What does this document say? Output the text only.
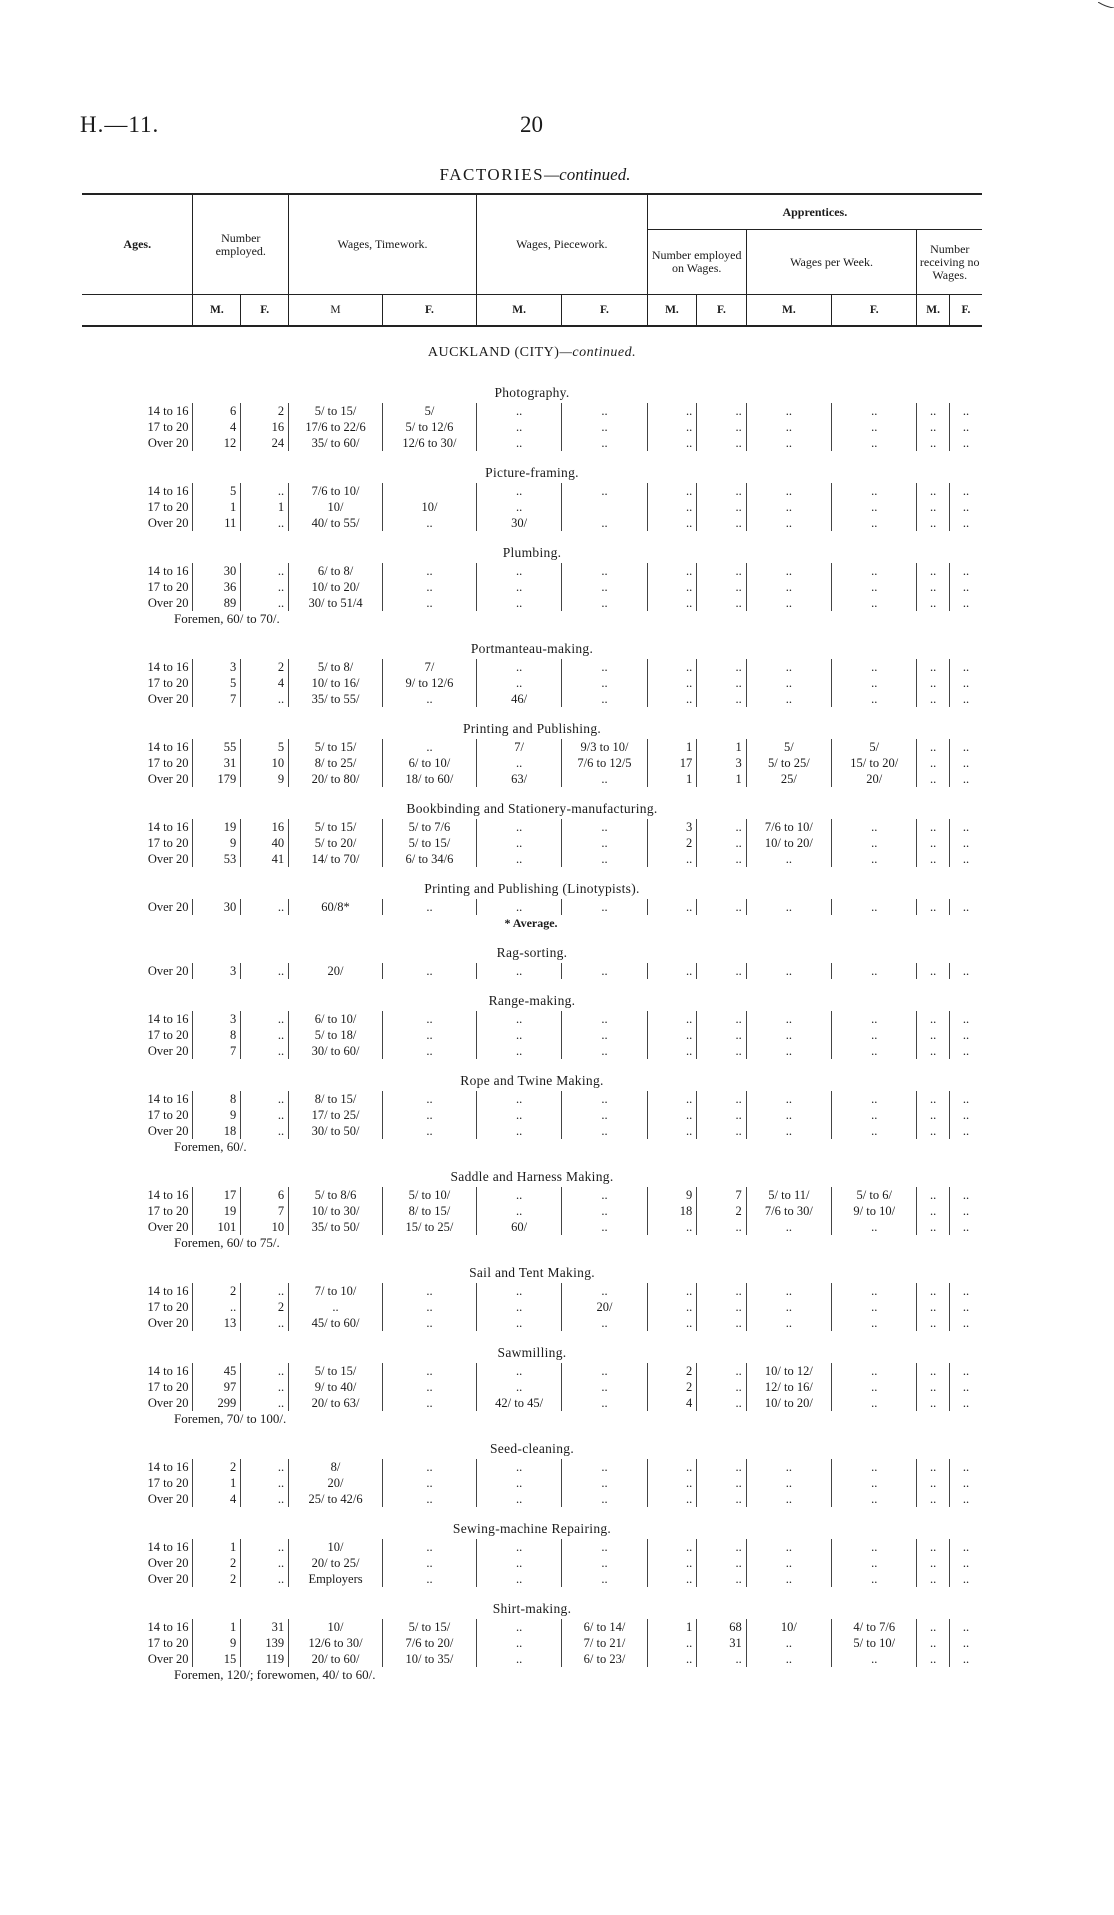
H.—11.	20
FACTORIES—continued.
Ages.	Number employed.		Wages, Timework.		Wages, Piecework.		Apprentices.					
							Number employed on Wages.		Wages per Week.		Number receiving no Wages.	
	M.	F.	M	F.	M.	F.	M.	F.	M.	F.	M.	F.
AUCKLAND (CITY)—continued.												
Photography.												
14 to 16	6	2	5/ to 15/	5/	..	..	..	..	..	..	..	..
17 to 20	4	16	17/6 to 22/6	5/ to 12/6	..	..	..	..	..	..	..	..
Over 20	12	24	35/ to 60/	12/6 to 30/	..	..	..	..	..	..	..	..
Picture-framing.												
14 to 16	5	..	7/6 to 10/		..	..	..	..	..	..	..	..
17 to 20	1	1	10/	10/	..		..	..	..	..	..	..
Over 20	11	..	40/ to 55/	..	30/	..	..	..	..	..	..	..
Plumbing.												
14 to 16	30	..	6/ to 8/	..	..	..	..	..	..	..	..	..
17 to 20	36	..	10/ to 20/	..	..	..	..	..	..	..	..	..
Over 20	89	..	30/ to 51/4	..	..	..	..	..	..	..	..	..
Foremen, 60/ to 70/.												
Portmanteau-making.												
14 to 16	3	2	5/ to 8/	7/	..	..	..	..	..	..	..	..
17 to 20	5	4	10/ to 16/	9/ to 12/6	..	..	..	..	..	..	..	..
Over 20	7	..	35/ to 55/	..	46/	..	..	..	..	..	..	..
Printing and Publishing.												
14 to 16	55	5	5/ to 15/	..	7/	9/3 to 10/	1	1	5/	5/	..	..
17 to 20	31	10	8/ to 25/	6/ to 10/	..	7/6 to 12/5	17	3	5/ to 25/	15/ to 20/	..	..
Over 20	179	9	20/ to 80/	18/ to 60/	63/	..	1	1	25/	20/	..	..
Bookbinding and Stationery-manufacturing.												
14 to 16	19	16	5/ to 15/	5/ to 7/6	..	..	3	..	7/6 to 10/	..	..	..
17 to 20	9	40	5/ to 20/	5/ to 15/	..	..	2	..	10/ to 20/	..	..	..
Over 20	53	41	14/ to 70/	6/ to 34/6	..	..	..	..	..	..	..	..
Printing and Publishing (Linotypists).												
Over 20	30	..	60/8*	..	..	..	..	..	..	..	..	..
* Average.												
Rag-sorting.												
Over 20	3	..	20/	..	..	..	..	..	..	..	..	..
Range-making.												
14 to 16	3	..	6/ to 10/	..	..	..	..	..	..	..	..	..
17 to 20	8	..	5/ to 18/	..	..	..	..	..	..	..	..	..
Over 20	7	..	30/ to 60/	..	..	..	..	..	..	..	..	..
Rope and Twine Making.												
14 to 16	8	..	8/ to 15/	..	..	..	..	..	..	..	..	..
17 to 20	9	..	17/ to 25/	..	..	..	..	..	..	..	..	..
Over 20	18	..	30/ to 50/	..	..	..	..	..	..	..	..	..
Foremen, 60/.												
Saddle and Harness Making.												
14 to 16	17	6	5/ to 8/6	5/ to 10/	..	..	9	7	5/ to 11/	5/ to 6/	..	..
17 to 20	19	7	10/ to 30/	8/ to 15/	..	..	18	2	7/6 to 30/	9/ to 10/	..	..
Over 20	101	10	35/ to 50/	15/ to 25/	60/	..	..	..	..	..	..	..
Foremen, 60/ to 75/.												
Sail and Tent Making.												
14 to 16	2	..	7/ to 10/	..	..	..	..	..	..	..	..	..
17 to 20	..	2	..	..	..	20/	..	..	..	..	..	..
Over 20	13	..	45/ to 60/	..	..	..	..	..	..	..	..	..
Sawmilling.												
14 to 16	45	..	5/ to 15/	..	..	..	2	..	10/ to 12/	..	..	..
17 to 20	97	..	9/ to 40/	..	..	..	2	..	12/ to 16/	..	..	..
Over 20	299	..	20/ to 63/	..	42/ to 45/	..	4	..	10/ to 20/	..	..	..
Foremen, 70/ to 100/.												
Seed-cleaning.												
14 to 16	2	..	8/	..	..	..	..	..	..	..	..	..
17 to 20	1	..	20/	..	..	..	..	..	..	..	..	..
Over 20	4	..	25/ to 42/6	..	..	..	..	..	..	..	..	..
Sewing-machine Repairing.												
14 to 16	1	..	10/	..	..	..	..	..	..	..	..	..
Over 20	2	..	20/ to 25/	..	..	..	..	..	..	..	..	..
Over 20	2	..	Employers	..	..	..	..	..	..	..	..	..
Shirt-making.												
14 to 16	1	31	10/	5/ to 15/	..	6/ to 14/	1	68	10/	4/ to 7/6	..	..
17 to 20	9	139	12/6 to 30/	7/6 to 20/	..	7/ to 21/	..	31	..	5/ to 10/	..	..
Over 20	15	119	20/ to 60/	10/ to 35/	..	6/ to 23/	..	..	..	..	..	..
Foremen, 120/; forewomen, 40/ to 60/.												
